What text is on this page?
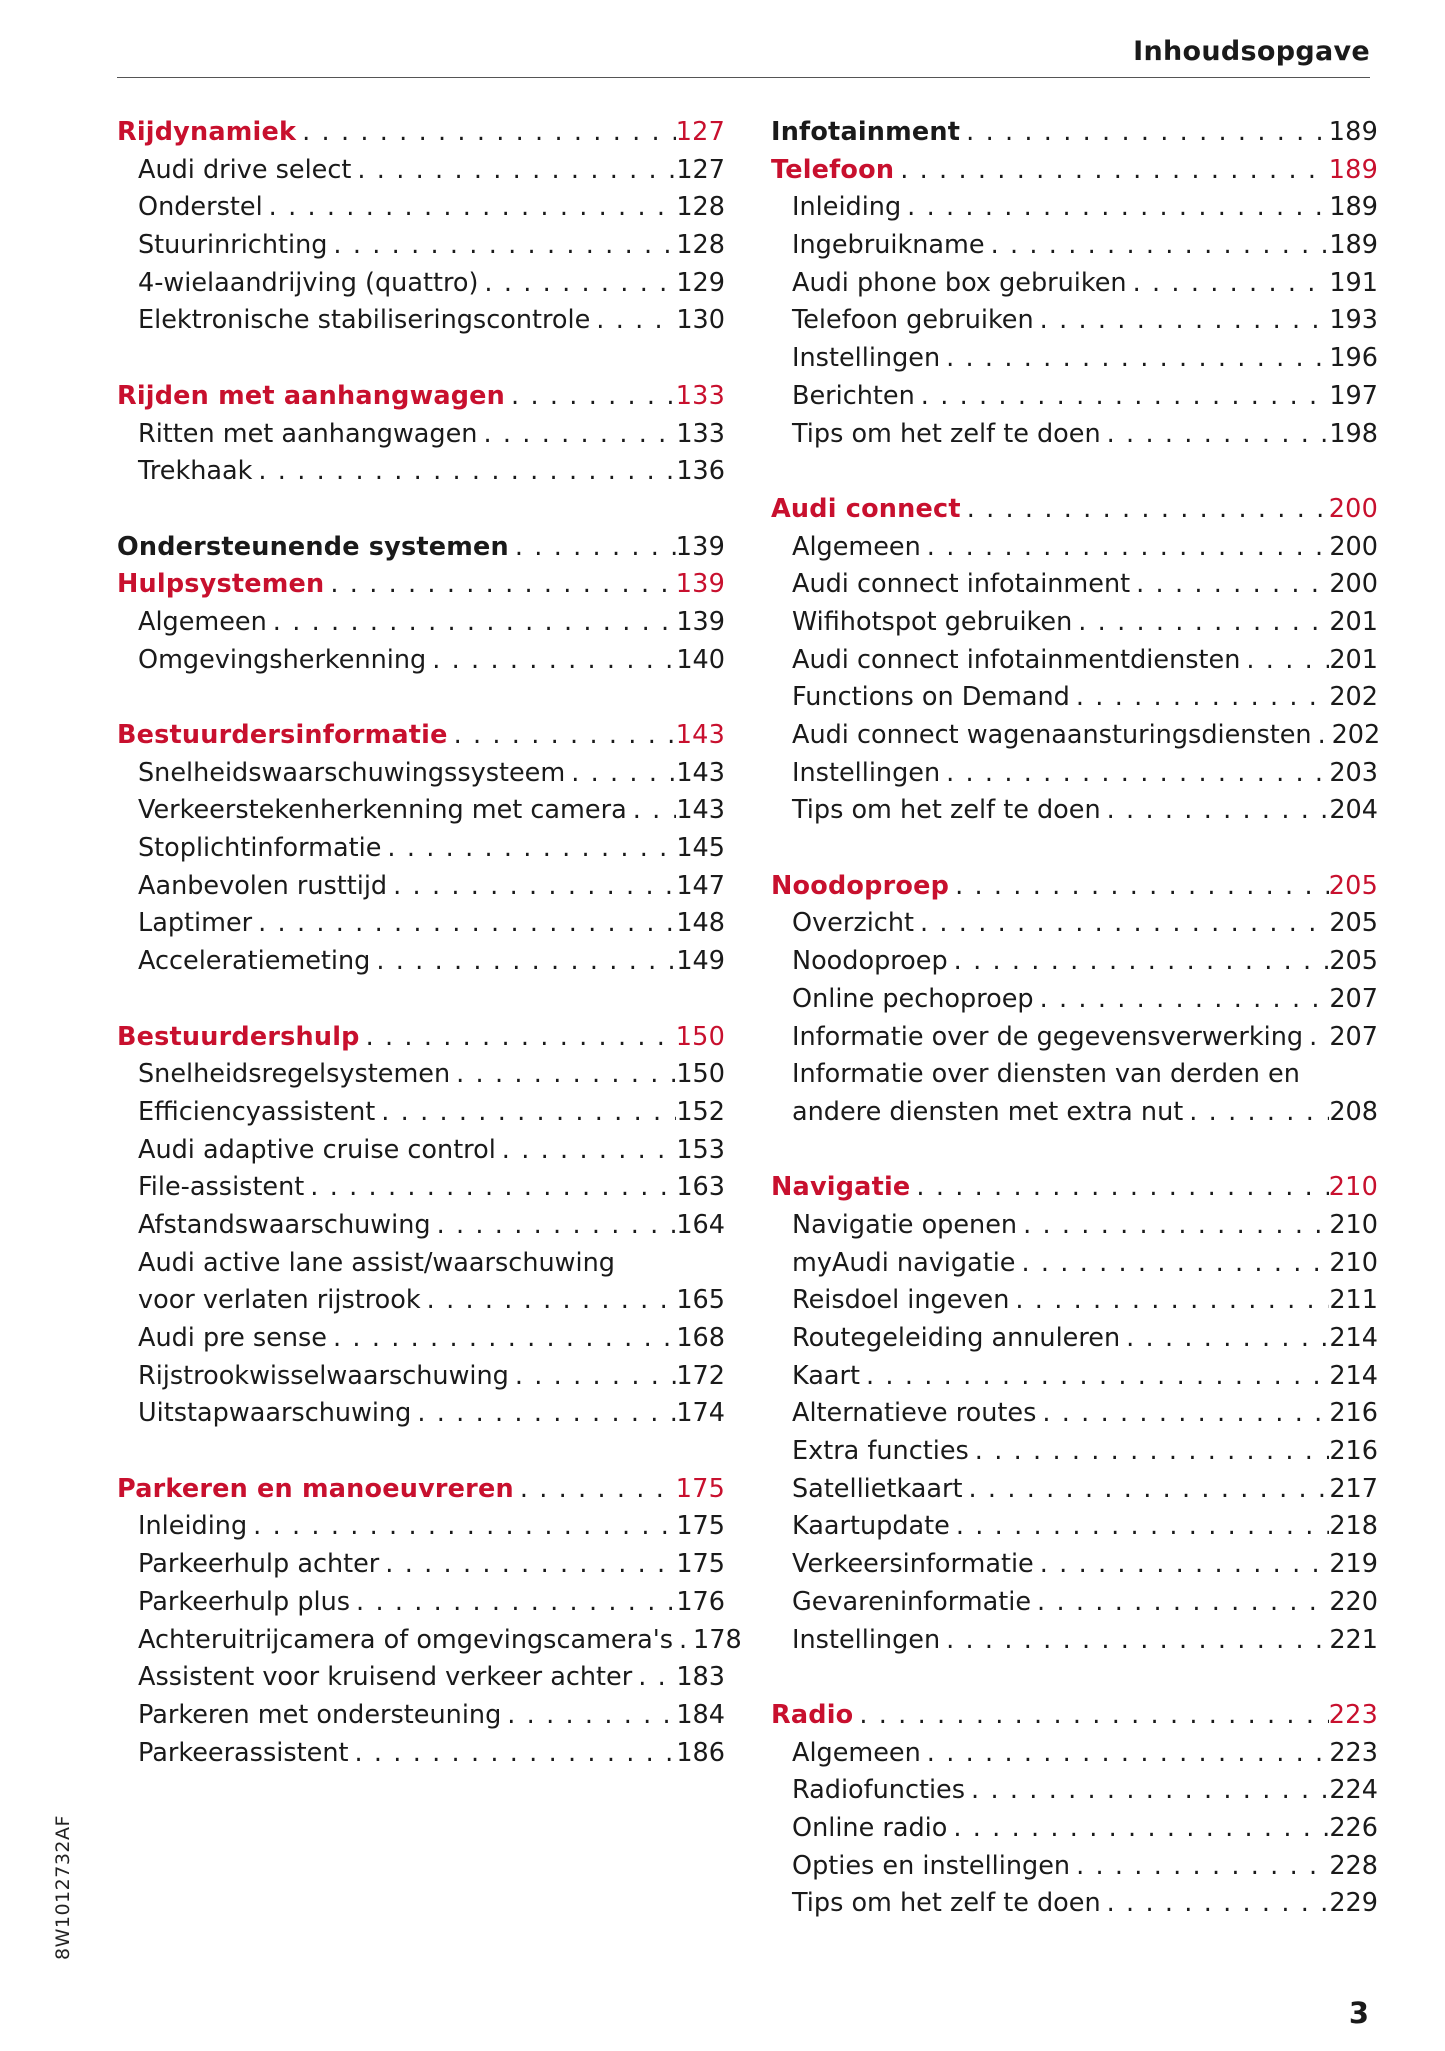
Inhoudsopgave
Rijdynamiek . . .	127
Audi drive select . . .	127
Onderstel . . .	128
Stuurinrichting . . .	128
4-wielaandrijving (quattro) . . .	129
Elektronische stabiliseringscontrole . . .	130
Rijden met aanhangwagen . . .	133
Ritten met aanhangwagen . . .	133
Trekhaak . . .	136
Ondersteunende systemen . . .	139
Hulpsystemen . . .	139
Algemeen . . .	139
Omgevingsherkenning . . .	140
Bestuurdersinformatie . . .	143
Snelheidswaarschuwingssysteem . . .	143
Verkeerstekenherkenning met camera . . . 143
Stoplichtinformatie . . .	145
Aanbevolen rusttijd . . .	147
Laptimer . . .	148
Acceleratiemeting . . .	149
Bestuurdershulp . . .	150
Snelheidsregelsystemen . . .	150
Efficiencyassistent . . .	152
Audi adaptive cruise control . . .	153
File-assistent . . .	163
Afstandswaarschuwing . . .	164
Audi active lane assist/waarschuwing
voor verlaten rijstrook . . .	165
Audi pre sense . . .	168
Rijstrookwisselwaarschuwing . . .	172
Uitstapwaarschuwing . . .	174
Parkeren en manoeuvreren . . .	175
Inleiding . . .	175
Parkeerhulp achter . . .	175
Parkeerhulp plus . . .	176
Achteruitrijcamera of omgevingscamera's . . . 178
Assistent voor kruisend verkeer achter . . . 183
Parkeren met ondersteuning . . .	184
Parkeerassistent . . .	186
Infotainment . . .	189
Telefoon . . .	189
Inleiding . . .	189
Ingebruikname . . .	189
Audi phone box gebruiken . . .	191
Telefoon gebruiken . . .	193
Instellingen . . .	196
Berichten . . .	197
Tips om het zelf te doen . . .	198
Audi connect . . .	200
Algemeen . . .	200
Audi connect infotainment . . .	200
Wifihotspot gebruiken . . .	201
Audi connect infotainmentdiensten . . .	201
Functions on Demand . . .	202
Audi connect wagenaansturingsdiensten . . . 202
Instellingen . . .	203
Tips om het zelf te doen . . .	204
Noodoproep . . .	205
Overzicht . . .	205
Noodoproep . . .	205
Online pechoproep . . .	207
Informatie over de gegevensverwerking . . . 207
Informatie over diensten van derden en
andere diensten met extra nut . . .	208
Navigatie . . .	210
Navigatie openen . . .	210
myAudi navigatie . . .	210
Reisdoel ingeven . . .	211
Routegeleiding annuleren . . .	214
Kaart . . .	214
Alternatieve routes . . .	216
Extra functies . . .	216
Satellietkaart . . .	217
Kaartupdate . . .	218
Verkeersinformatie . . .	219
Gevareninformatie . . .	220
Instellingen . . .	221
Radio . . .	223
Algemeen . . .	223
Radiofuncties . . .	224
Online radio . . .	226
Opties en instellingen . . .	228
Tips om het zelf te doen . . .	229
8W1012732AF
3
